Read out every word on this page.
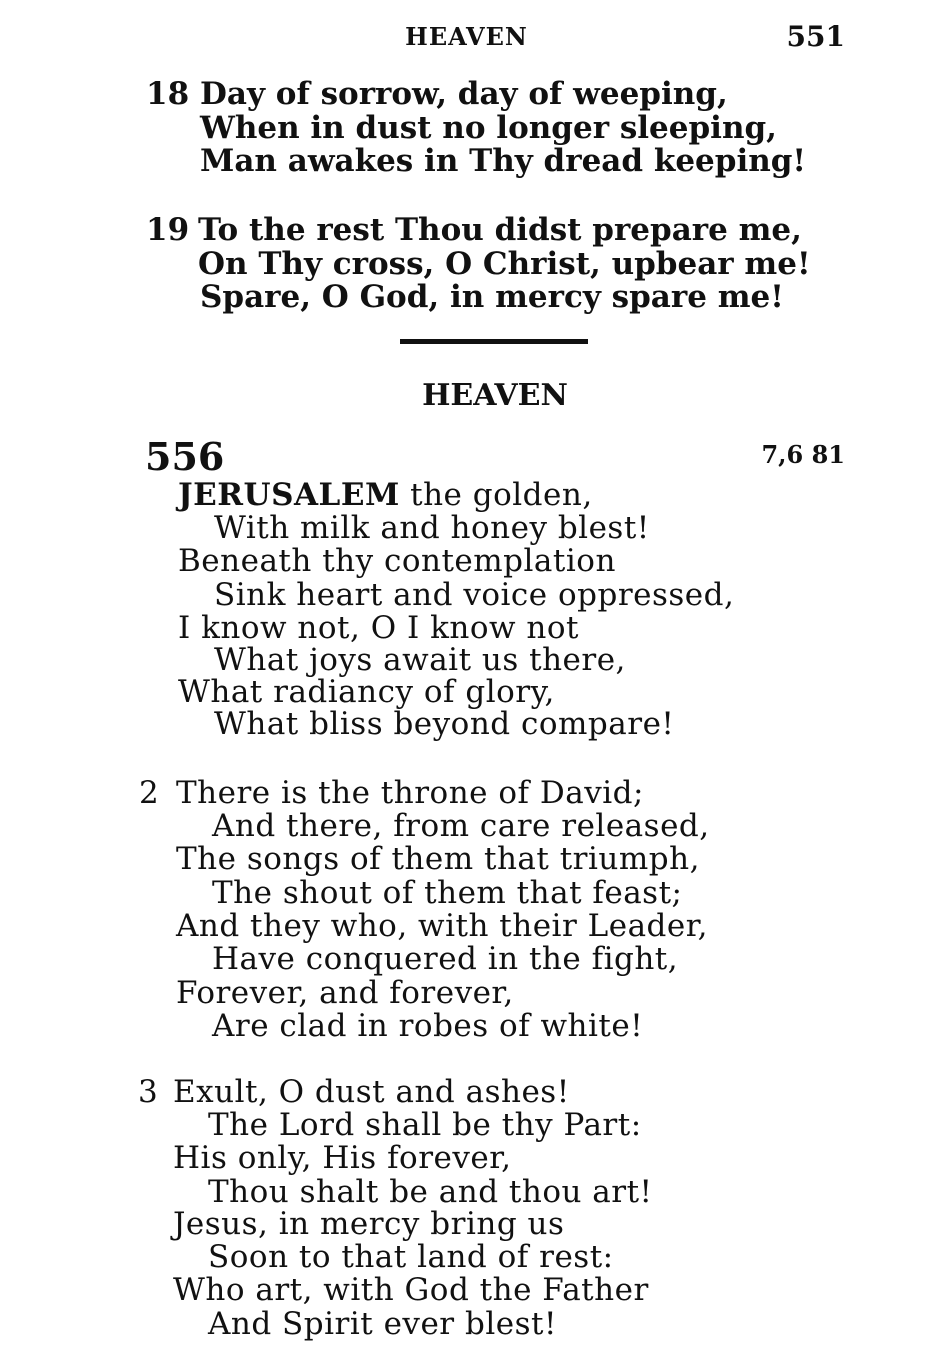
HEAVEN	551
18 Day of sorrow, day of weeping,
When in dust no longer sleeping,
Man awakes in Thy dread keeping!
19 To the rest Thou didst prepare me,
On Thy cross, O Christ, upbear me!
Spare, O God, in mercy spare me!
HEAVEN
556	7,6 81
JERUSALEM the golden,
With milk and honey blest!
Beneath thy contemplation
Sink heart and voice oppressed,
I know not, O I know not
What joys await us there,
What radiancy of glory,
What bliss beyond compare!
2 There is the throne of David;
And there, from care released,
The songs of them that triumph,
The shout of them that feast;
And they who, with their Leader,
Have conquered in the fight,
Forever, and forever,
Are clad in robes of white!
3 Exult, O dust and ashes!
The Lord shall be thy Part:
His only, His forever,
Thou shalt be and thou art!
Jesus, in mercy bring us
Soon to that land of rest:
Who art, with God the Father
And Spirit ever blest!
